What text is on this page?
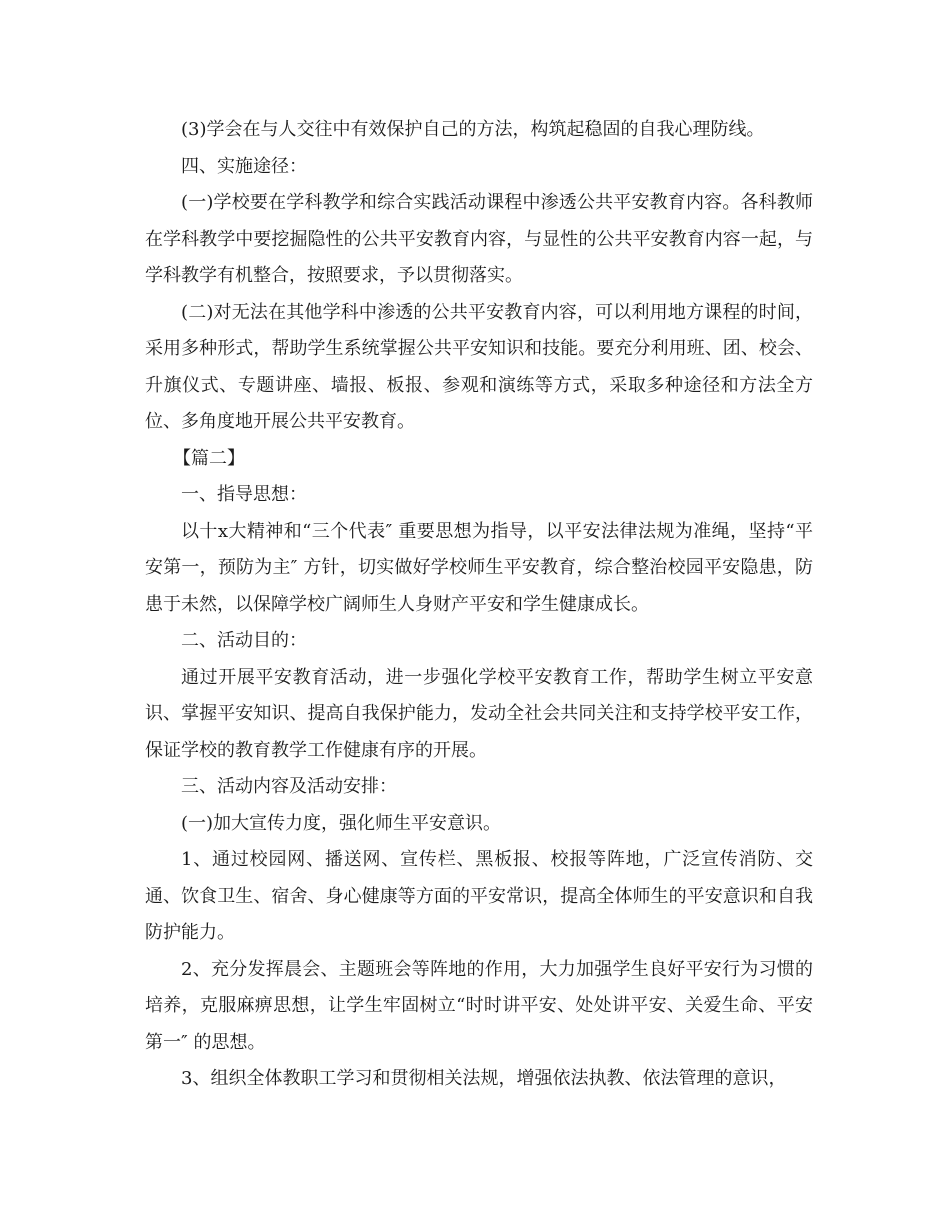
(3)学会在与人交往中有效保护自己的方法，构筑起稳固的自我心理防线。

四、实施途径：

(一)学校要在学科教学和综合实践活动课程中渗透公共平安教育内容。各科教师在学科教学中要挖掘隐性的公共平安教育内容，与显性的公共平安教育内容一起，与学科教学有机整合，按照要求，予以贯彻落实。

(二)对无法在其他学科中渗透的公共平安教育内容，可以利用地方课程的时间，采用多种形式，帮助学生系统掌握公共平安知识和技能。要充分利用班、团、校会、升旗仪式、专题讲座、墙报、板报、参观和演练等方式，采取多种途径和方法全方位、多角度地开展公共平安教育。

【篇二】

一、指导思想：

以十x大精神和“三个代表″ 重要思想为指导，以平安法律法规为准绳，坚持“平安第一，预防为主″ 方针，切实做好学校师生平安教育，综合整治校园平安隐患，防患于未然，以保障学校广阔师生人身财产平安和学生健康成长。

二、活动目的：

通过开展平安教育活动，进一步强化学校平安教育工作，帮助学生树立平安意识、掌握平安知识、提高自我保护能力，发动全社会共同关注和支持学校平安工作，保证学校的教育教学工作健康有序的开展。

三、活动内容及活动安排：

(一)加大宣传力度，强化师生平安意识。

1、通过校园网、播送网、宣传栏、黑板报、校报等阵地，广泛宣传消防、交通、饮食卫生、宿舍、身心健康等方面的平安常识，提高全体师生的平安意识和自我防护能力。

2、充分发挥晨会、主题班会等阵地的作用，大力加强学生良好平安行为习惯的培养，克服麻痹思想，让学生牢固树立“时时讲平安、处处讲平安、关爱生命、平安第一″ 的思想。

3、组织全体教职工学习和贯彻相关法规，增强依法执教、依法管理的意识，
